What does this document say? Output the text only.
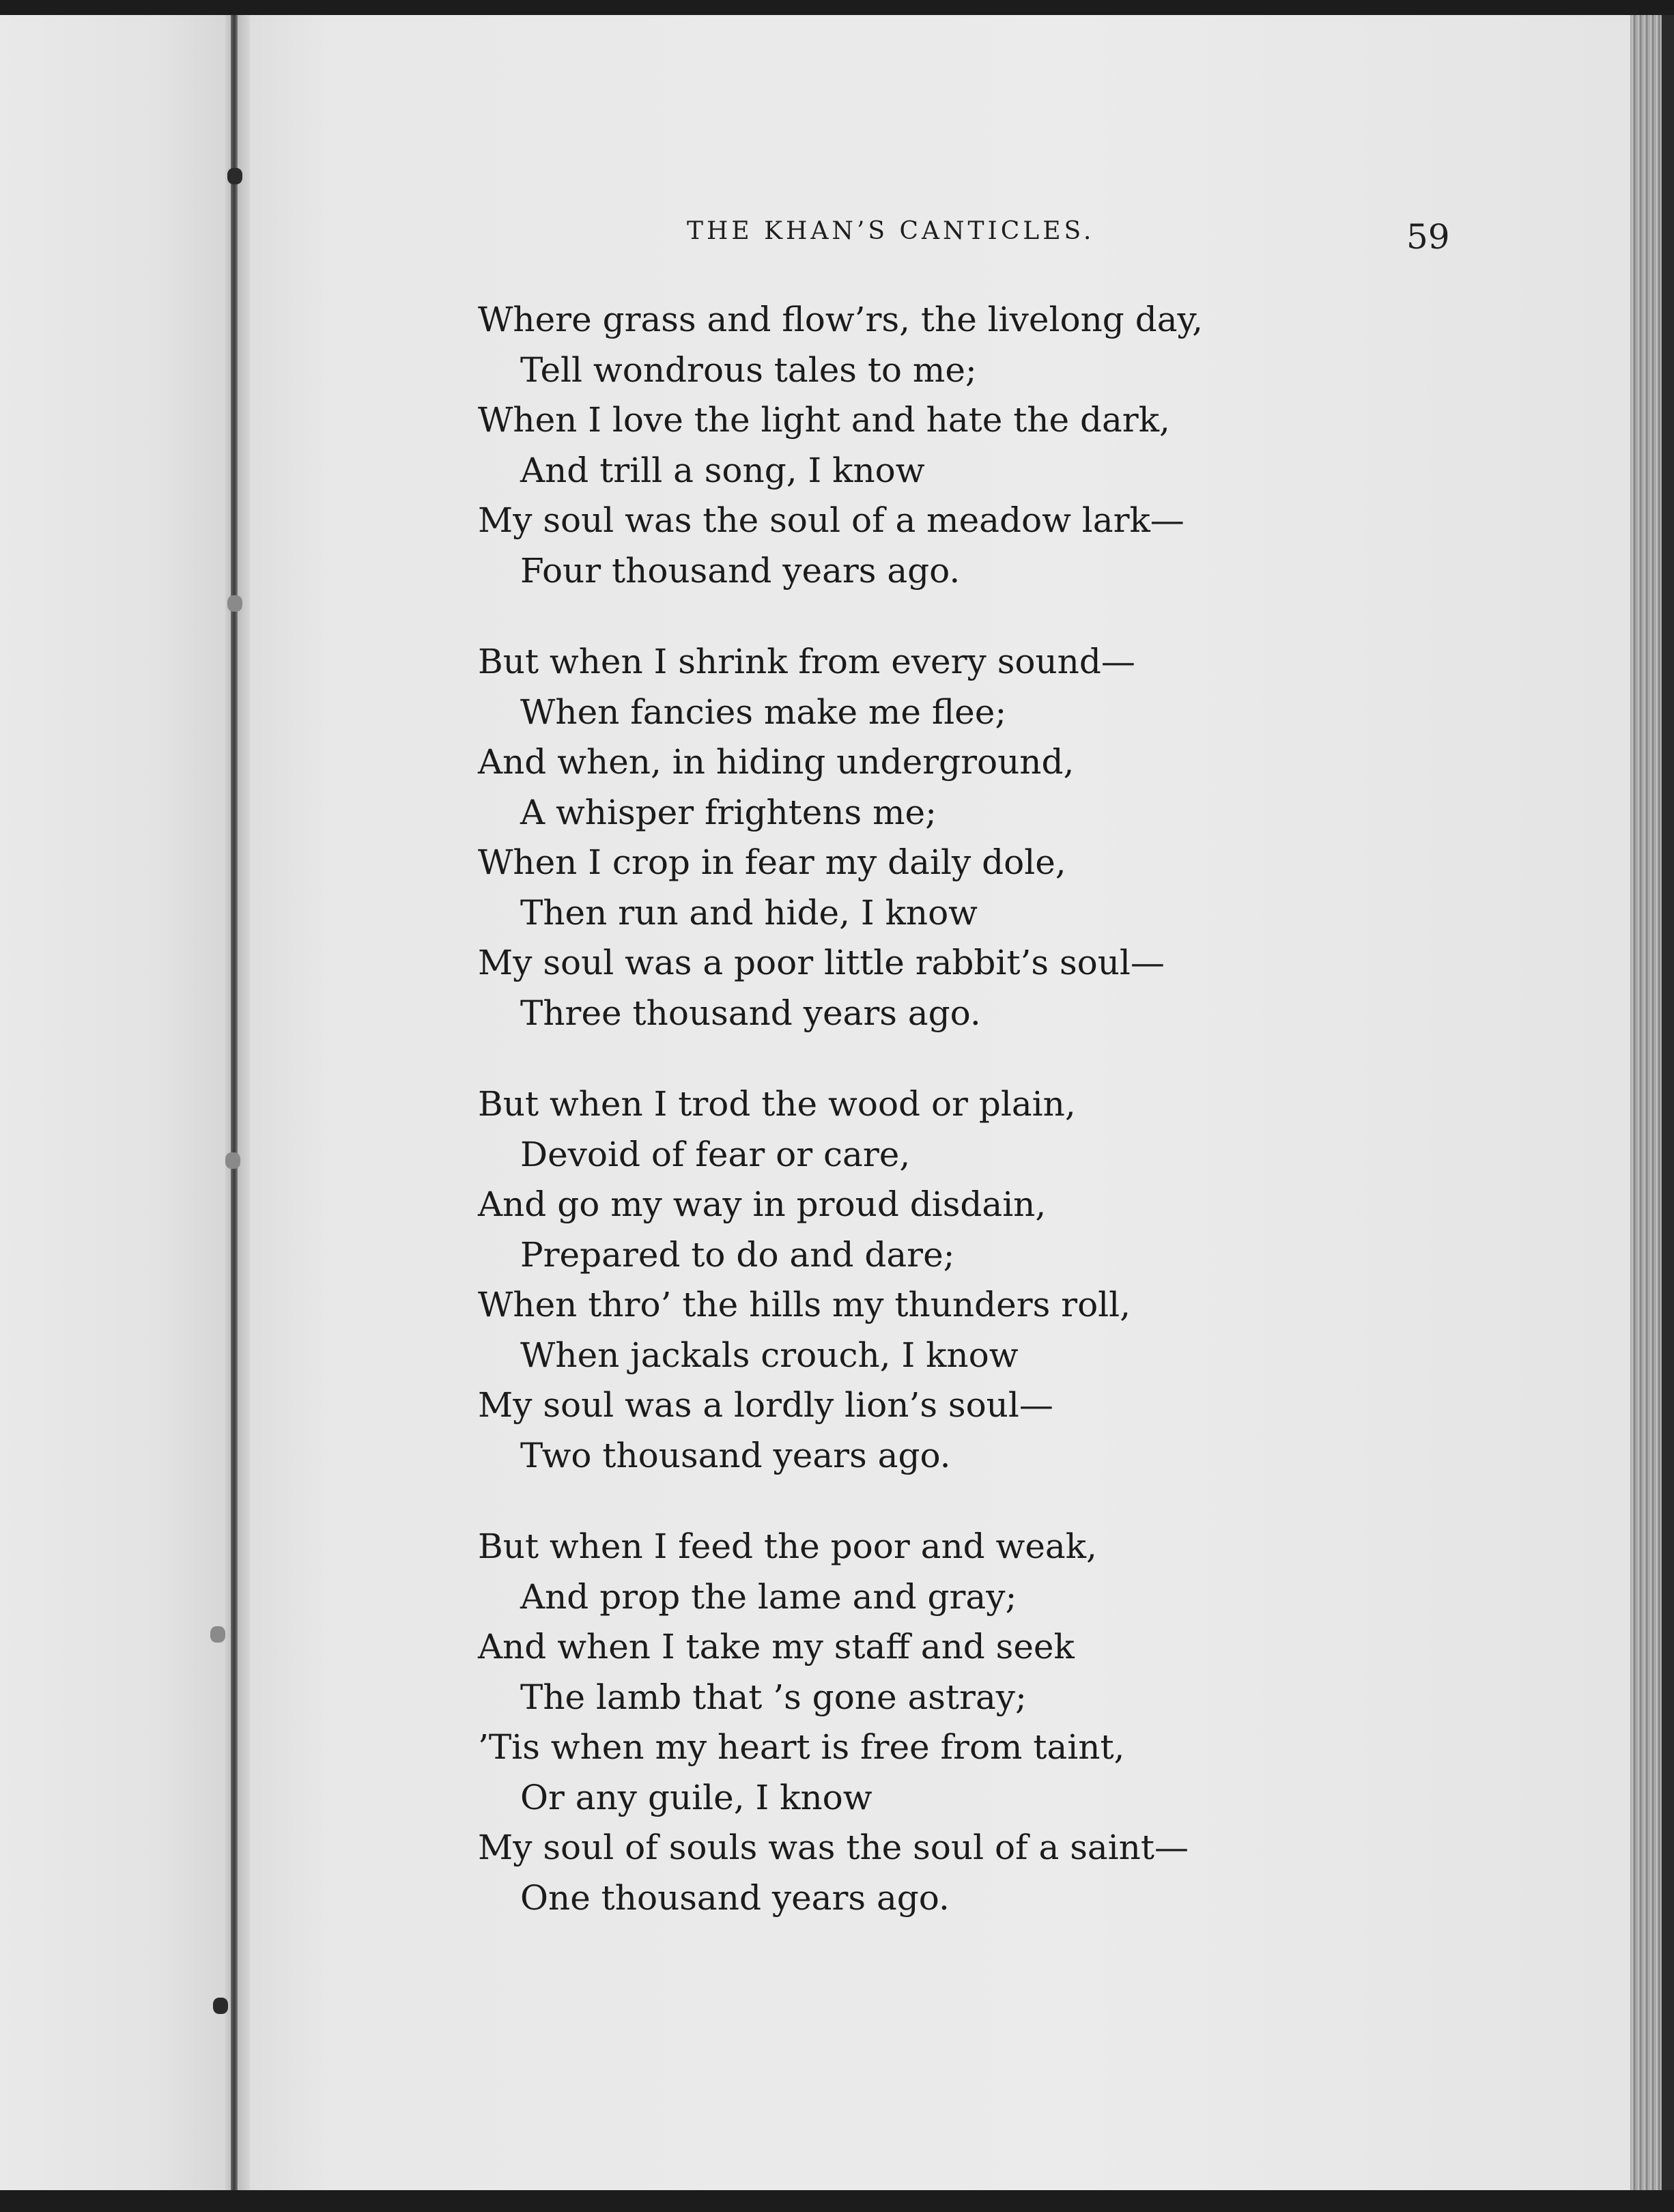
THE KHAN’S CANTICLES.	59
Where grass and flow’rs, the livelong day,
Tell wondrous tales to me;
When I love the light and hate the dark,
And trill a song, I know
My soul was the soul of a meadow lark—
Four thousand years ago.
But when I shrink from every sound—
When fancies make me flee;
And when, in hiding underground,
A whisper frightens me;
When I crop in fear my daily dole,
Then run and hide, I know
My soul was a poor little rabbit’s soul—
Three thousand years ago.
But when I trod the wood or plain,
Devoid of fear or care,
And go my way in proud disdain,
Prepared to do and dare;
When thro’ the hills my thunders roll,
When jackals crouch, I know
My soul was a lordly lion’s soul—
Two thousand years ago.
But when I feed the poor and weak,
And prop the lame and gray;
And when I take my staff and seek
The lamb that ’s gone astray;
’Tis when my heart is free from taint,
Or any guile, I know
My soul of souls was the soul of a saint—
One thousand years ago.
